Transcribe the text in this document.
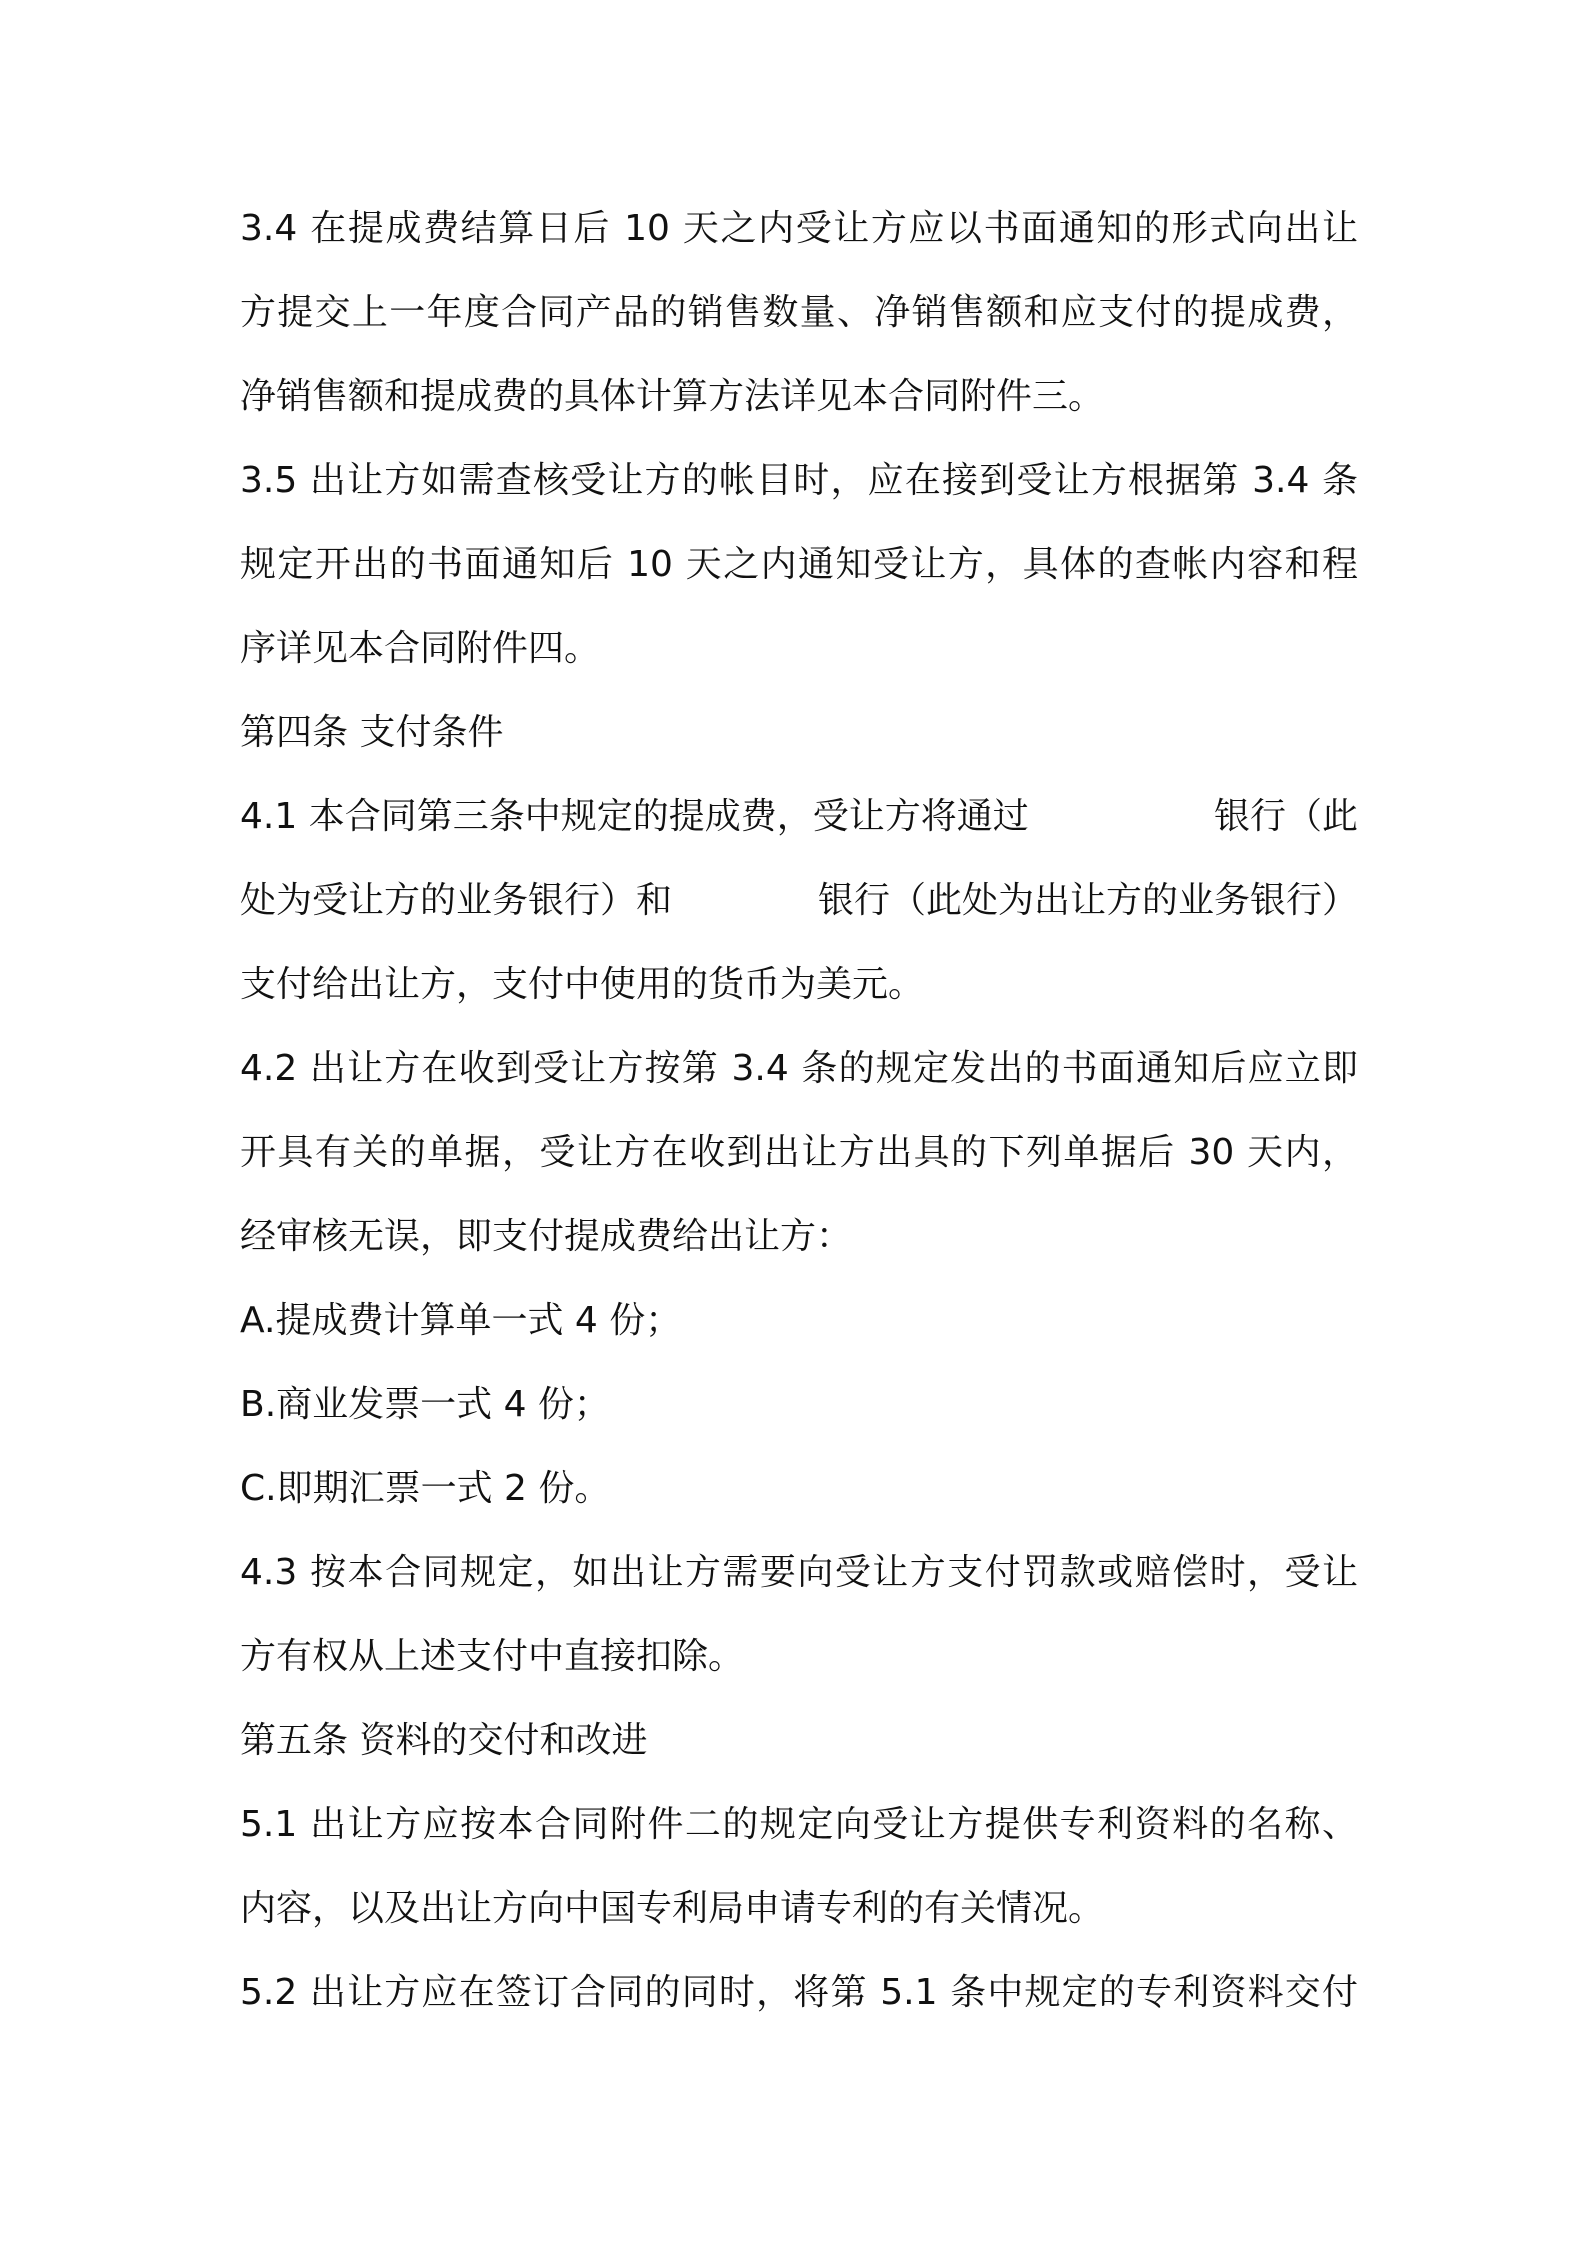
3.4 在提成费结算日后 10 天之内受让方应以书面通知的形式向出让
方提交上一年度合同产品的销售数量、净销售额和应支付的提成费，
净销售额和提成费的具体计算方法详见本合同附件三。
3.5 出让方如需查核受让方的帐目时，应在接到受让方根据第 3.4 条
规定开出的书面通知后 10 天之内通知受让方，具体的查帐内容和程
序详见本合同附件四。
第四条 支付条件
4.1 本合同第三条中规定的提成费，受让方将通过	银行（此
处为受让方的业务银行）和	银行（此处为出让方的业务银行）
支付给出让方，支付中使用的货币为美元。
4.2 出让方在收到受让方按第 3.4 条的规定发出的书面通知后应立即
开具有关的单据，受让方在收到出让方出具的下列单据后 30 天内，
经审核无误，即支付提成费给出让方：
A.提成费计算单一式 4 份；
B.商业发票一式 4 份；
C.即期汇票一式 2 份。
4.3 按本合同规定，如出让方需要向受让方支付罚款或赔偿时，受让
方有权从上述支付中直接扣除。
第五条 资料的交付和改进
5.1 出让方应按本合同附件二的规定向受让方提供专利资料的名称、
内容，以及出让方向中国专利局申请专利的有关情况。
5.2 出让方应在签订合同的同时，将第 5.1 条中规定的专利资料交付
